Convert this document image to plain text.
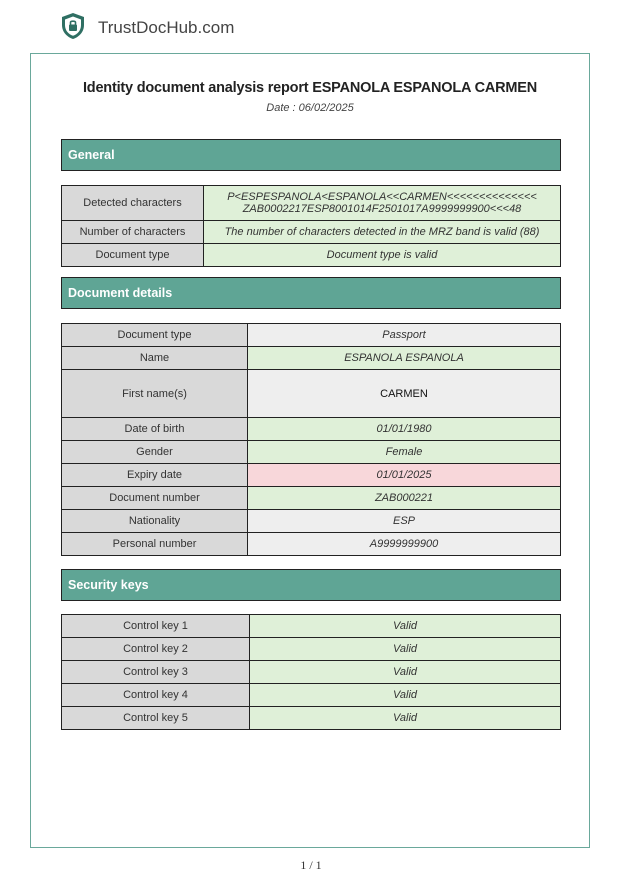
TrustDocHub.com
Identity document analysis report ESPANOLA ESPANOLA CARMEN
Date : 06/02/2025
General
Detected characters	P<ESPESPANOLA<ESPANOLA<<CARMEN<<<<<<<<<<<<<<
ZAB0002217ESP8001014F2501017A9999999900<<<48

Number of characters	The number of characters detected in the MRZ band is valid (88)
Document type	Document type is valid
Document details
Document type	Passport
Name	ESPANOLA ESPANOLA
First name(s)	CARMEN
Date of birth	01/01/1980
Gender	Female
Expiry date	01/01/2025
Document number	ZAB000221
Nationality	ESP
Personal number	A9999999900
Security keys
Control key 1	Valid
Control key 2	Valid
Control key 3	Valid
Control key 4	Valid
Control key 5	Valid
1 / 1
